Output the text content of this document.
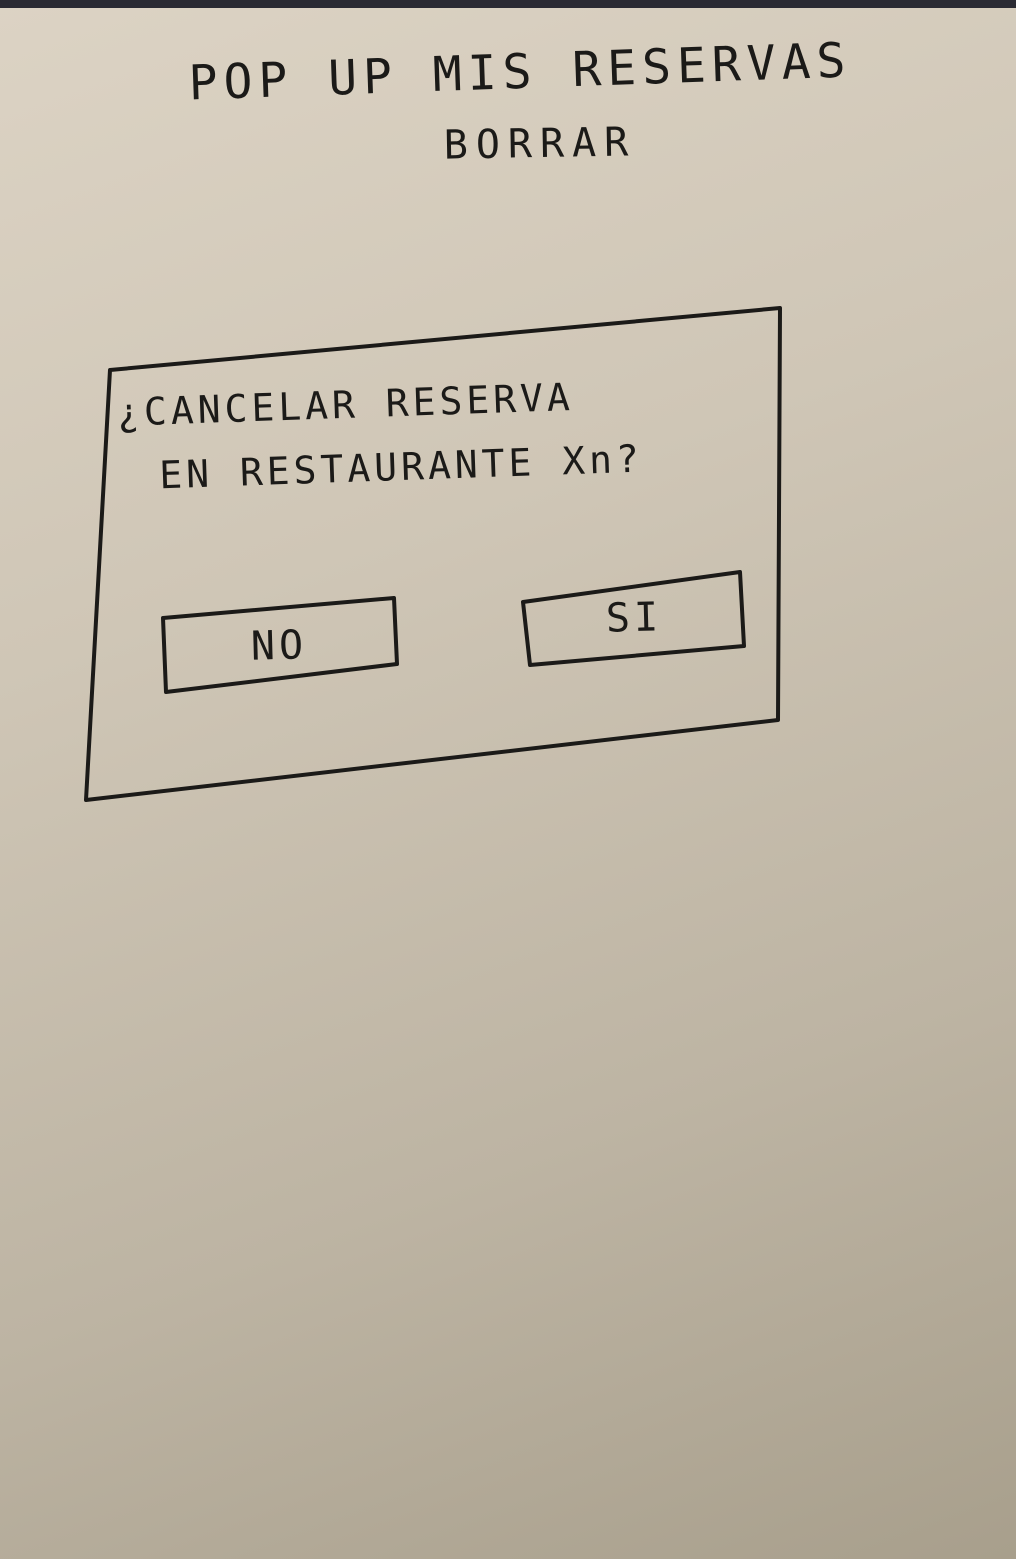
POP UP MIS RESERVAS
BORRAR
¿CANCELAR RESERVA
EN RESTAURANTE Xn?
NO
SI
